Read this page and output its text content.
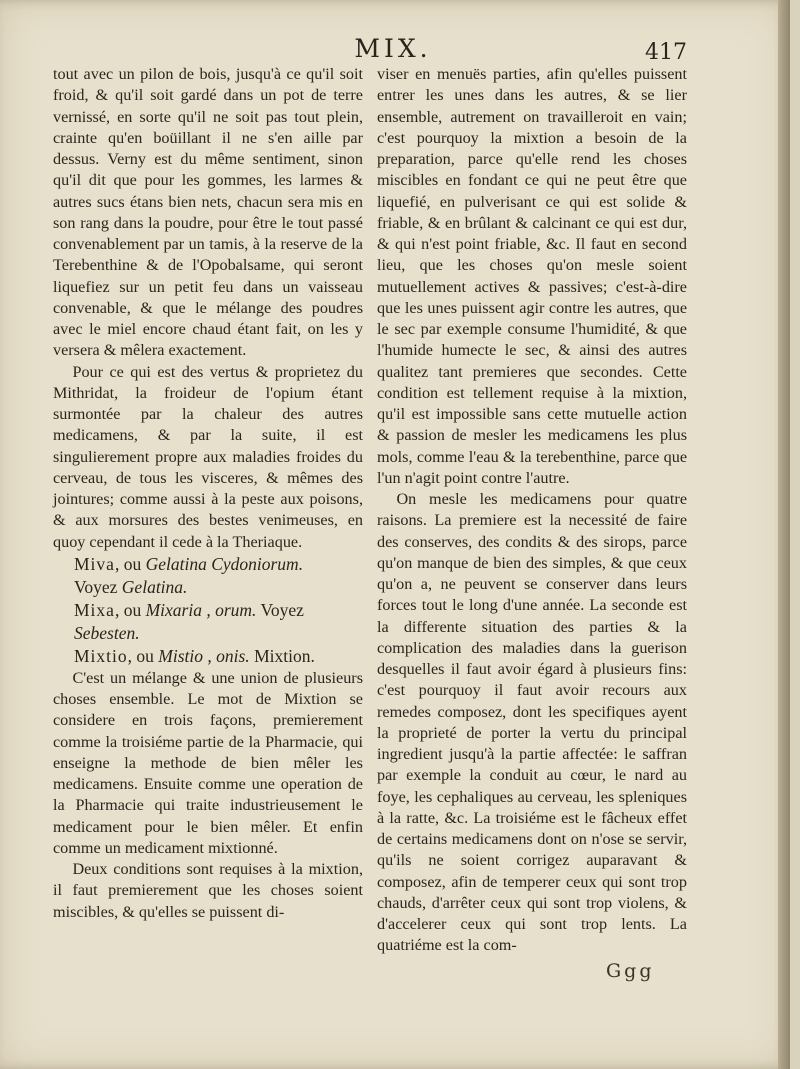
MIX.	417

tout avec un pilon de bois, jusqu'à ce qu'il soit froid, & qu'il soit gardé dans un pot de terre vernissé, en sorte qu'il ne soit pas tout plein, crainte qu'en boüillant il ne s'en aille par dessus. Verny est du même sentiment, sinon qu'il dit que pour les gommes, les larmes & autres sucs étans bien nets, chacun sera mis en son rang dans la poudre, pour être le tout passé convenablement par un tamis, à la reserve de la Terebenthine & de l'Opobalsame, qui seront liquefiez sur un petit feu dans un vaisseau convenable, & que le mélange des poudres avec le miel encore chaud étant fait, on les y versera & mêlera exactement.

Pour ce qui est des vertus & proprietez du Mithridat, la froideur de l'opium étant surmontée par la chaleur des autres medicamens, & par la suite, il est singulierement propre aux maladies froides du cerveau, de tous les visceres, & mêmes des jointures; comme aussi à la peste aux poisons, & aux morsures des bestes venimeuses, en quoy cependant il cede à la Theriaque.

Miva, ou Gelatina Cydoniorum.

Voyez Gelatina.

Mixa, ou Mixaria , orum. Voyez

Sebesten.

Mixtio, ou Mistio , onis. Mixtion.

C'est un mélange & une union de plusieurs choses ensemble. Le mot de Mixtion se considere en trois façons, premierement comme la troisiéme partie de la Pharmacie, qui enseigne la methode de bien mêler les medicamens. Ensuite comme une operation de la Pharmacie qui traite industrieusement le medicament pour le bien mêler. Et enfin comme un medicament mixtionné.

Deux conditions sont requises à la mixtion, il faut premierement que les choses soient miscibles, & qu'elles se puissent di-

viser en menuës parties, afin qu'elles puissent entrer les unes dans les autres, & se lier ensemble, autrement on travailleroit en vain; c'est pourquoy la mixtion a besoin de la preparation, parce qu'elle rend les choses miscibles en fondant ce qui ne peut être que liquefié, en pulverisant ce qui est solide & friable, & en brûlant & calcinant ce qui est dur, & qui n'est point friable, &c. Il faut en second lieu, que les choses qu'on mesle soient mutuellement actives & passives; c'est-à-dire que les unes puissent agir contre les autres, que le sec par exemple consume l'humidité, & que l'humide humecte le sec, & ainsi des autres qualitez tant premieres que secondes. Cette condition est tellement requise à la mixtion, qu'il est impossible sans cette mutuelle action & passion de mesler les medicamens les plus mols, comme l'eau & la terebenthine, parce que l'un n'agit point contre l'autre.

On mesle les medicamens pour quatre raisons. La premiere est la necessité de faire des conserves, des condits & des sirops, parce qu'on manque de bien des simples, & que ceux qu'on a, ne peuvent se conserver dans leurs forces tout le long d'une année. La seconde est la differente situation des parties & la complication des maladies dans la guerison desquelles il faut avoir égard à plusieurs fins: c'est pourquoy il faut avoir recours aux remedes composez, dont les specifiques ayent la proprieté de porter la vertu du principal ingredient jusqu'à la partie affectée: le saffran par exemple la conduit au cœur, le nard au foye, les cephaliques au cerveau, les spleniques à la ratte, &c. La troisiéme est le fâcheux effet de certains medicamens dont on n'ose se servir, qu'ils ne soient corrigez auparavant & composez, afin de temperer ceux qui sont trop chauds, d'arrêter ceux qui sont trop violens, & d'accelerer ceux qui sont trop lents. La quatriéme est la com-

Ggg
